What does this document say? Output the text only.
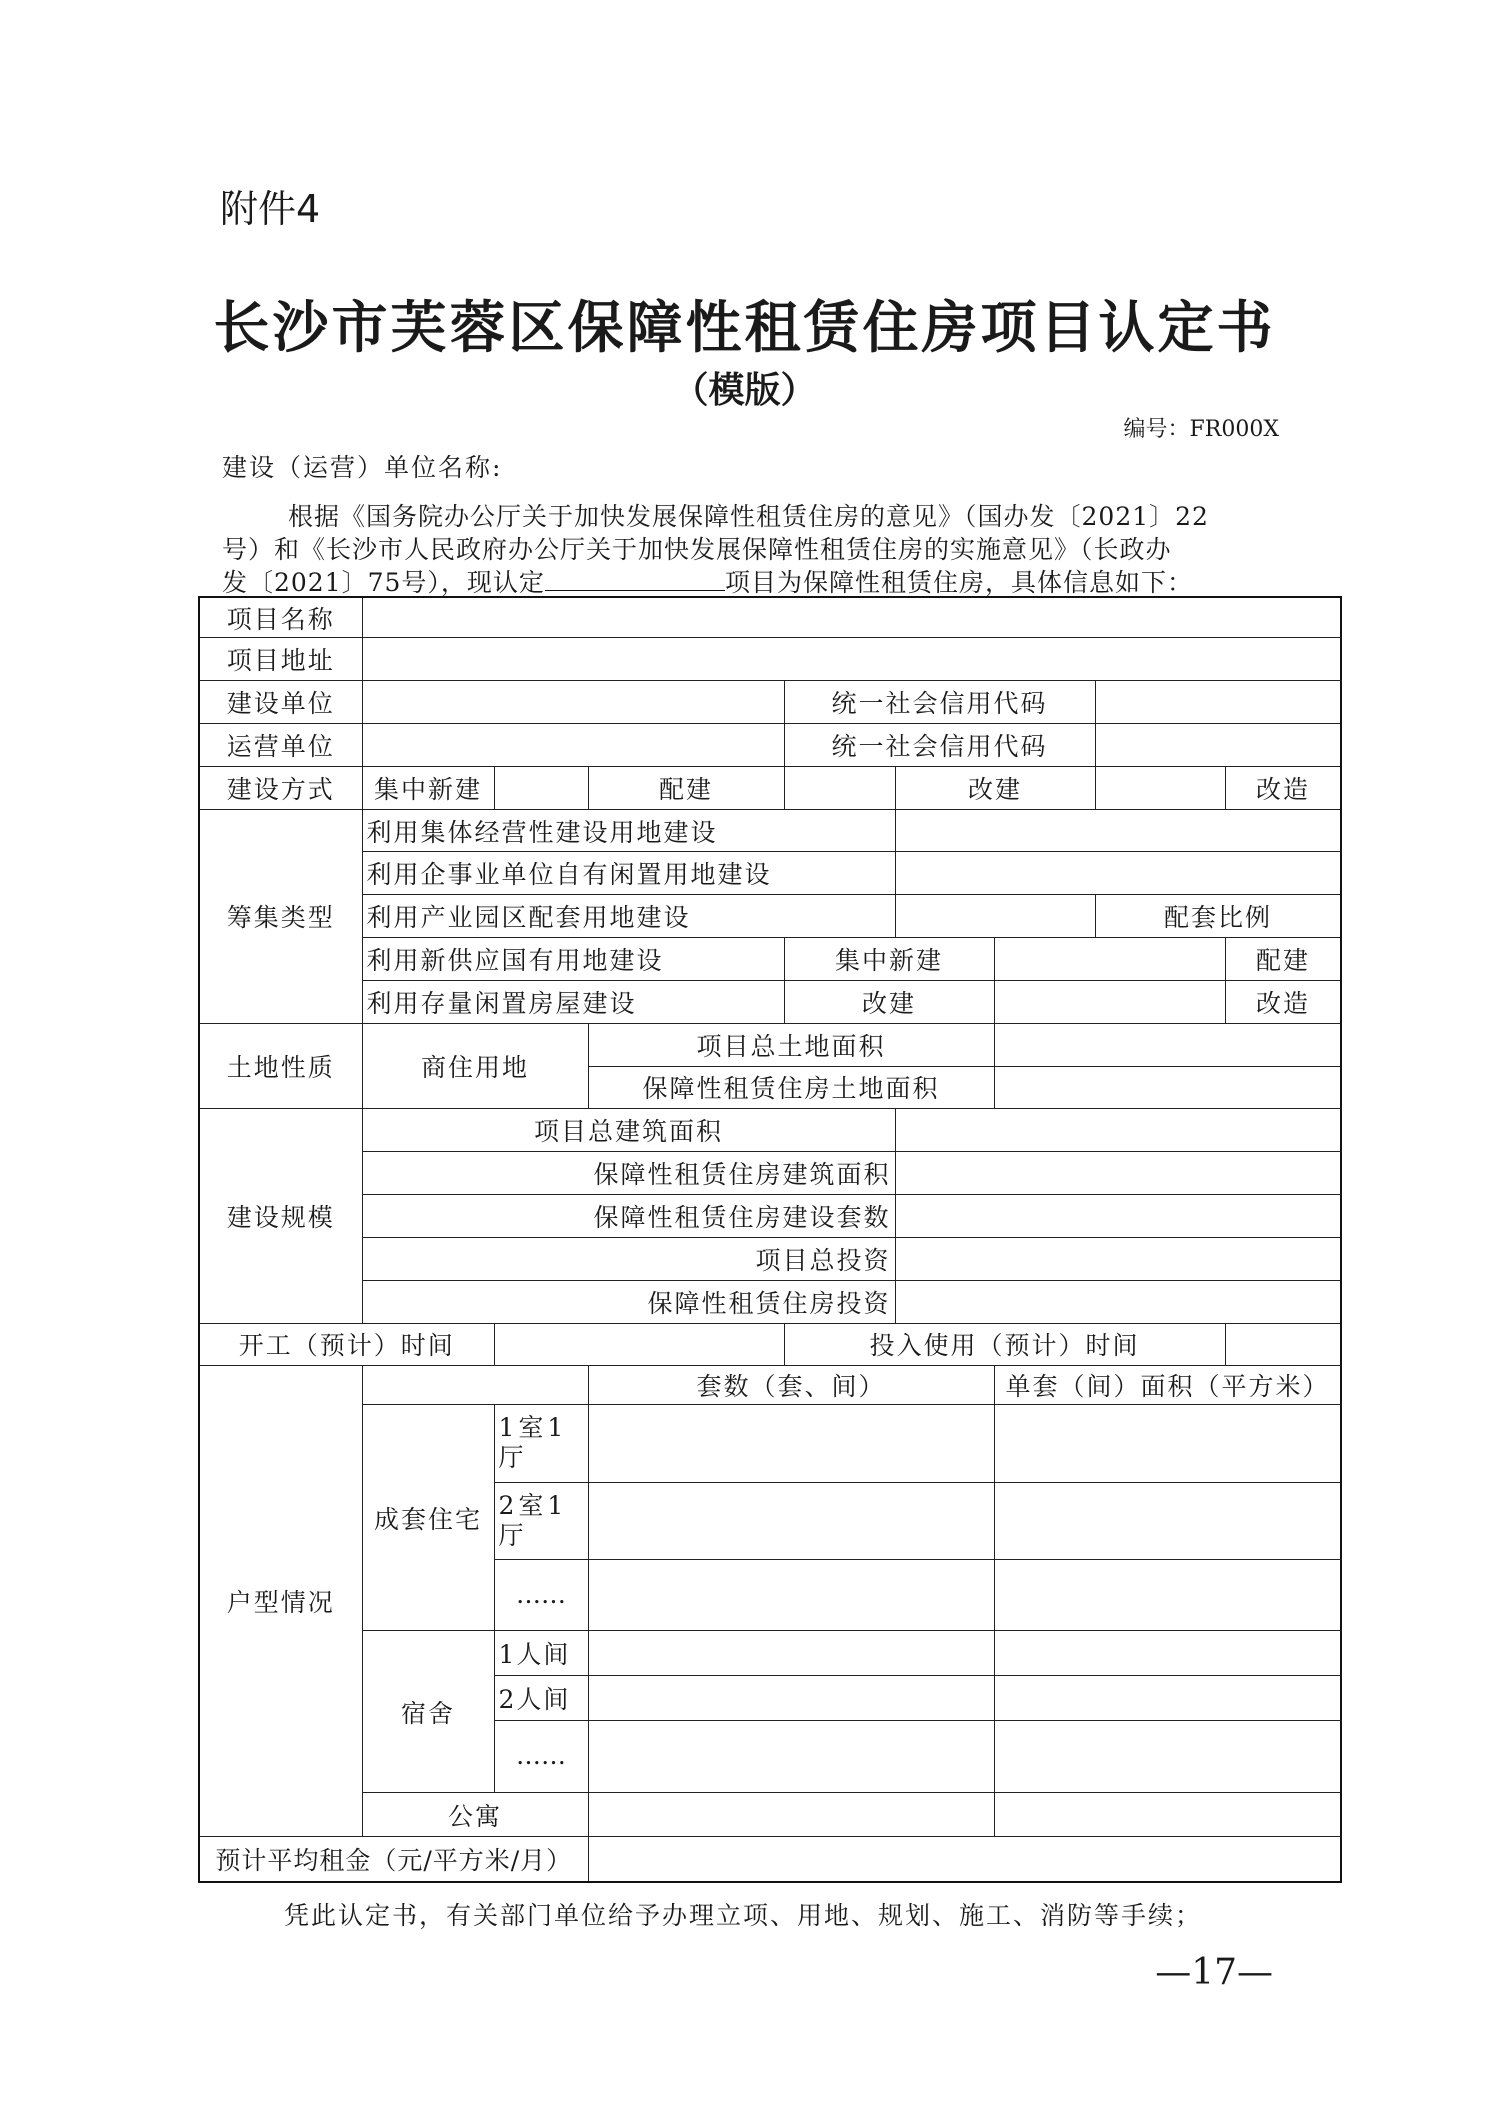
附件4
长沙市芙蓉区保障性租赁住房项目认定书
（模版）
编号：FR000X
建设（运营）单位名称:
根据《国务院办公厅关于加快发展保障性租赁住房的意见》（国办发〔2021〕22
号）和《长沙市人民政府办公厅关于加快发展保障性租赁住房的实施意见》（长政办
发〔2021〕75号），现认定	项目为保障性租赁住房，具体信息如下：
项目名称									
项目地址									
建设单位				统一社会信用代码					
运营单位				统一社会信用代码					
建设方式	集中新建		配建		改建			改造	
筹集类型	利用集体经营性建设用地建设								
	利用企事业单位自有闲置用地建设								
	利用产业园区配套用地建设						配套比例		
	利用新供应国有用地建设			集中新建				配建	
	利用存量闲置房屋建设			改建				改造	
土地性质	商住用地		项目总土地面积						
			保障性租赁住房土地面积						
建设规模	项目总建筑面积								
	保障性租赁住房建筑面积								
	保障性租赁住房建设套数								
	项目总投资								
	保障性租赁住房投资								
开工（预计）时间				投入使用（预计）时间					
户型情况			套数（套、间）			单套（间）面积（平方米）			
	成套住宅	1室1厅							
		2室1厅							
		……							
	宿舍	1人间							
		2人间							
		……							
	公寓								
预计平均租金（元/平方米/月）									
凭此认定书，有关部门单位给予办理立项、用地、规划、施工、消防等手续；
—17—
